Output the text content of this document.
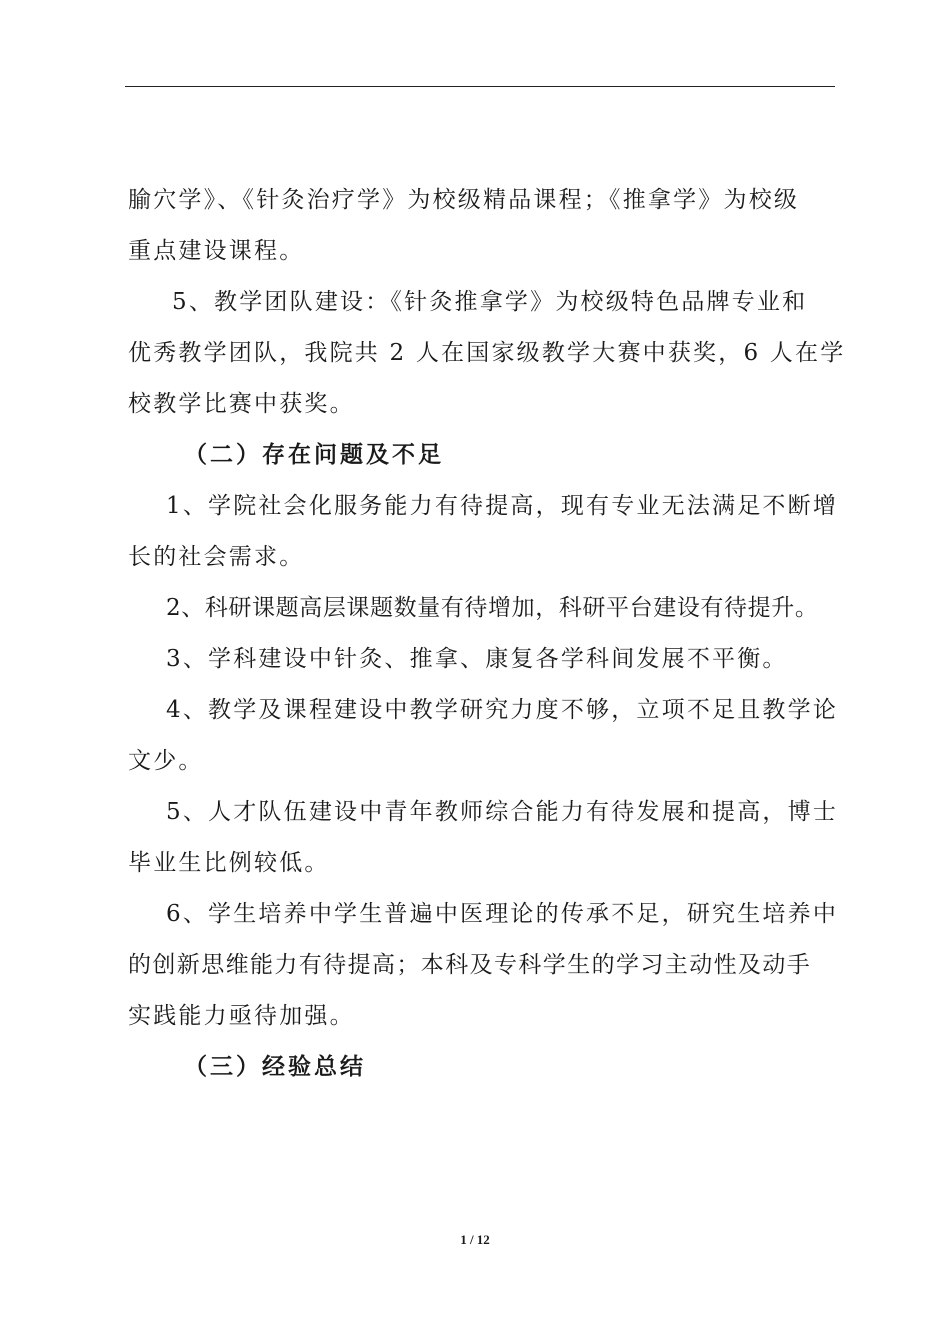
腧穴学》、《针灸治疗学》为校级精品课程；《推拿学》为校级
重点建设课程。
5、教学团队建设：《针灸推拿学》为校级特色品牌专业和
优秀教学团队，我院共 2 人在国家级教学大赛中获奖，6 人在学
校教学比赛中获奖。
（二）存在问题及不足
1、学院社会化服务能力有待提高，现有专业无法满足不断增
长的社会需求。
2、科研课题高层课题数量有待增加，科研平台建设有待提升。
3、学科建设中针灸、推拿、康复各学科间发展不平衡。
4、教学及课程建设中教学研究力度不够，立项不足且教学论
文少。
5、人才队伍建设中青年教师综合能力有待发展和提高，博士
毕业生比例较低。
6、学生培养中学生普遍中医理论的传承不足，研究生培养中
的创新思维能力有待提高；本科及专科学生的学习主动性及动手
实践能力亟待加强。
（三）经验总结
1 / 12
